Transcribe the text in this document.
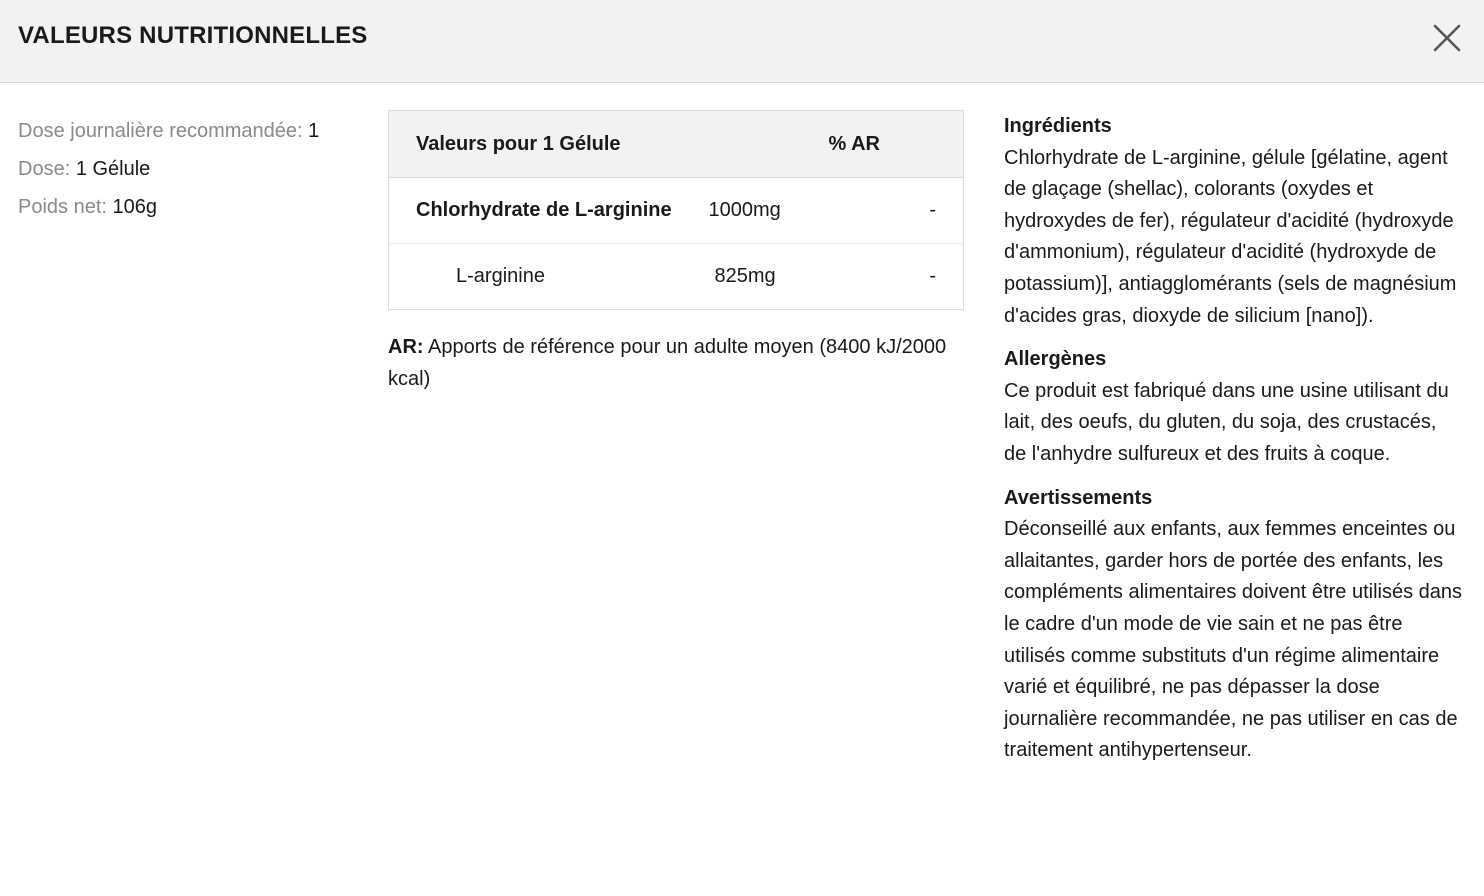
VALEURS NUTRITIONNELLES
Dose journalière recommandée: 1
Dose: 1 Gélule
Poids net: 106g
Valeurs pour 1 Gélule		% AR
Chlorhydrate de L-arginine	1000mg	-
L-arginine	825mg	-
AR: Apports de référence pour un adulte moyen (8400 kJ/2000 kcal)
Ingrédients
Chlorhydrate de L-arginine, gélule [gélatine, agent de glaçage (shellac), colorants (oxydes et hydroxydes de fer), régulateur d'acidité (hydroxyde d'ammonium), régulateur d'acidité (hydroxyde de potassium)], antiagglomérants (sels de magnésium d'acides gras, dioxyde de silicium [nano]).
Allergènes
Ce produit est fabriqué dans une usine utilisant du lait, des oeufs, du gluten, du soja, des crustacés, de l'anhydre sulfureux et des fruits à coque.
Avertissements
Déconseillé aux enfants, aux femmes enceintes ou allaitantes, garder hors de portée des enfants, les compléments alimentaires doivent être utilisés dans le cadre d'un mode de vie sain et ne pas être utilisés comme substituts d'un régime alimentaire varié et équilibré, ne pas dépasser la dose journalière recommandée, ne pas utiliser en cas de traitement antihypertenseur.
